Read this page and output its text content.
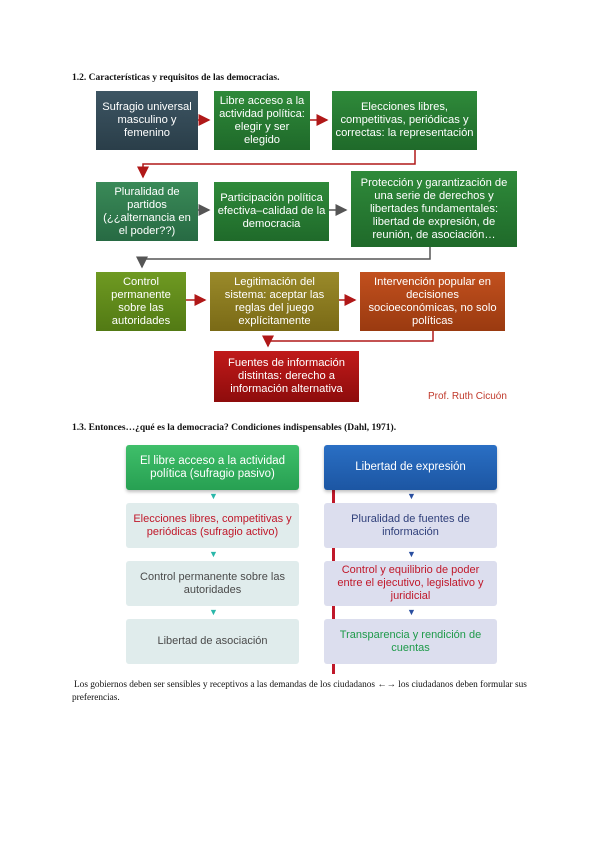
1.2. Características y requisitos de las democracias.
Sufragio universal masculino y femenino
Libre acceso a la actividad política: elegir y ser elegido
Elecciones libres, competitivas, periódicas y correctas: la representación
Pluralidad de partidos (¿¿alternancia en el poder??)
Participación política efectiva–calidad de la democracia
Protección y garantización de una serie de derechos y libertades fundamentales: libertad de expresión, de reunión, de asociación…
Control permanente sobre las autoridades
Legitimación del sistema: aceptar las reglas del juego explícitamente
Intervención popular en decisiones socioeconómicas, no solo políticas
Fuentes de información distintas: derecho a información alternativa
Prof. Ruth Cicuón
1.3. Entonces…¿qué es la democracia? Condiciones indispensables (Dahl, 1971).
El libre acceso a la actividad política (sufragio pasivo)
▼
Elecciones libres, competitivas y periódicas (sufragio activo)
▼
Control permanente sobre las autoridades
▼
Libertad de asociación
Libertad de expresión
▼
Pluralidad de fuentes de información
▼
Control y equilibrio de poder entre el ejecutivo, legislativo y juridicial
▼
Transparencia y rendición de cuentas
Los gobiernos deben ser sensibles y receptivos a las demandas de los ciudadanos ←→ los ciudadanos deben formular sus preferencias.
